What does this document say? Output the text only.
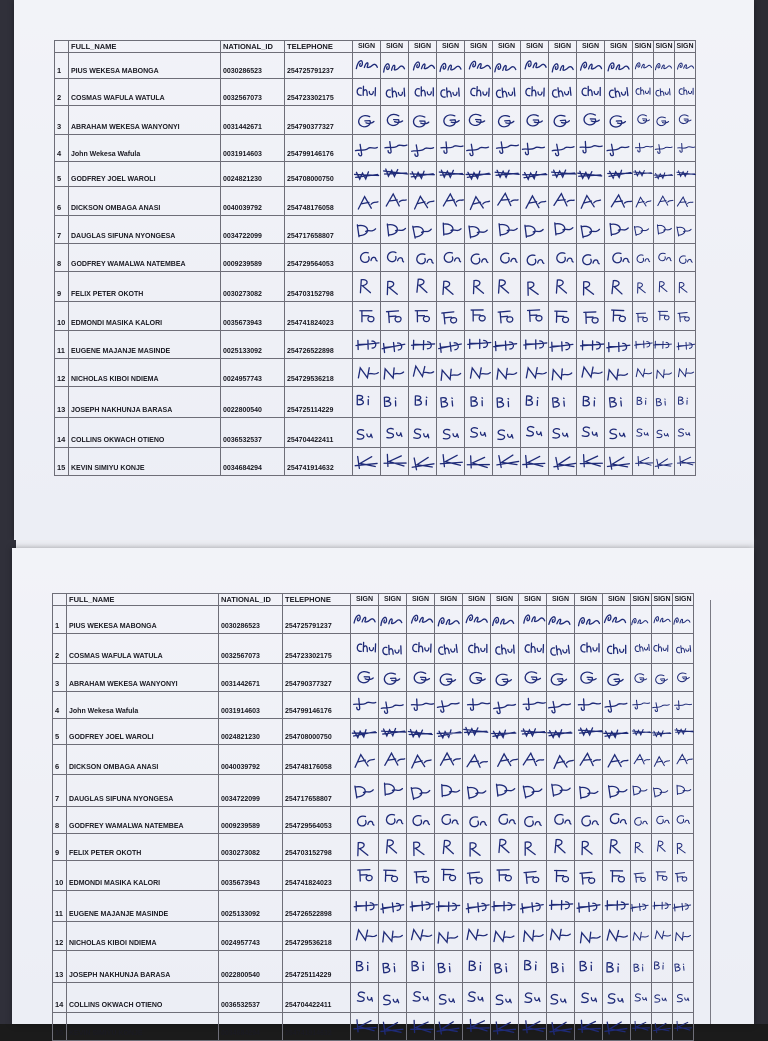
	FULL_NAME	NATIONAL_ID	TELEPHONE	SIGN	SIGN	SIGN	SIGN	SIGN	SIGN	SIGN	SIGN	SIGN	SIGN	SIGN	SIGN	SIGN
1	PIUS WEKESA MABONGA	0030286523	254725791237	

2	COSMAS WAFULA WATULA	0032567073	254723302175	

3	ABRAHAM WEKESA WANYONYI	0031442671	254790377327	

4	John Wekesa Wafula	0031914603	254799146176	

5	GODFREY JOEL WAROLI	0024821230	254708000750	

6	DICKSON OMBAGA ANASI	0040039792	254748176058	

7	DAUGLAS SIFUNA NYONGESA	0034722099	254717658807	

8	GODFREY WAMALWA NATEMBEA	0009239589	254729564053	

9	FELIX PETER OKOTH	0030273082	254703152798	

10	EDMONDI MASIKA KALORI	0035673943	254741824023	

11	EUGENE MAJANJE MASINDE	0025133092	254726522898	

12	NICHOLAS KIBOI NDIEMA	0024957743	254729536218	

13	JOSEPH NAKHUNJA BARASA	0022800540	254725114229	

14	COLLINS OKWACH OTIENO	0036532537	254704422411	

15	KEVIN SIMIYU KONJE	0034684294	254741914632	

	FULL_NAME	NATIONAL_ID	TELEPHONE	SIGN	SIGN	SIGN	SIGN	SIGN	SIGN	SIGN	SIGN	SIGN	SIGN	SIGN	SIGN	SIGN
1	PIUS WEKESA MABONGA	0030286523	254725791237	

2	COSMAS WAFULA WATULA	0032567073	254723302175	

3	ABRAHAM WEKESA WANYONYI	0031442671	254790377327	

4	John Wekesa Wafula	0031914603	254799146176	

5	GODFREY JOEL WAROLI	0024821230	254708000750	

6	DICKSON OMBAGA ANASI	0040039792	254748176058	

7	DAUGLAS SIFUNA NYONGESA	0034722099	254717658807	

8	GODFREY WAMALWA NATEMBEA	0009239589	254729564053	

9	FELIX PETER OKOTH	0030273082	254703152798	

10	EDMONDI MASIKA KALORI	0035673943	254741824023	

11	EUGENE MAJANJE MASINDE	0025133092	254726522898	

12	NICHOLAS KIBOI NDIEMA	0024957743	254729536218	

13	JOSEPH NAKHUNJA BARASA	0022800540	254725114229	

14	COLLINS OKWACH OTIENO	0036532537	254704422411	

15	KEVIN SIMIYU KONJE	0034684294	254741914632	
